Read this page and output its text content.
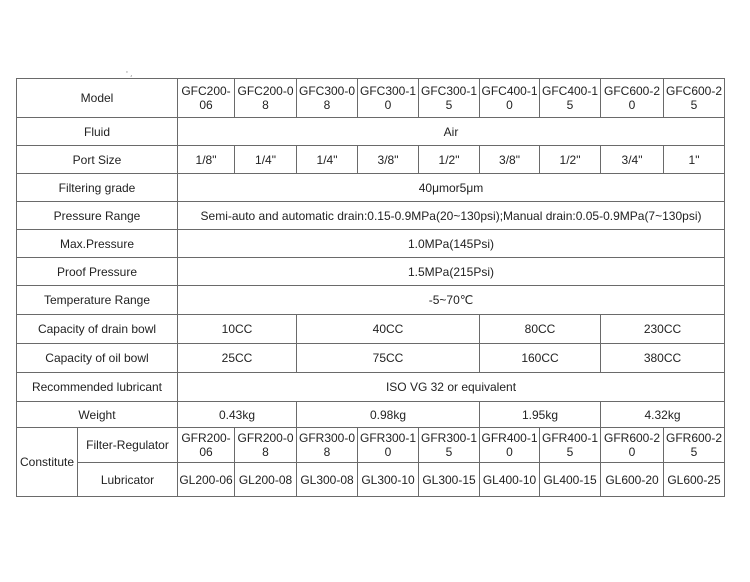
' ,
Model		GFC200-06	GFC200-08	GFC300-08	GFC300-10	GFC300-15	GFC400-10	GFC400-15	GFC600-20	GFC600-25
Fluid		Air								
Port Size		1/8"	1/4"	1/4"	3/8"	1/2"	3/8"	1/2"	3/4"	1"
Filtering grade		40μmor5μm								
Pressure Range		Semi-auto and automatic drain:0.15-0.9MPa(20~130psi);Manual drain:0.05-0.9MPa(7~130psi)								
Max.Pressure		1.0MPa(145Psi)								
Proof Pressure		1.5MPa(215Psi)								
Temperature Range		-5~70℃								
Capacity of drain bowl		10CC		40CC			80CC		230CC	
Capacity of oil bowl		25CC		75CC			160CC		380CC	
Recommended lubricant		ISO VG 32 or equivalent								
Weight		0.43kg		0.98kg			1.95kg		4.32kg	
Constitute	Filter-Regulator	GFR200-06	GFR200-08	GFR300-08	GFR300-10	GFR300-15	GFR400-10	GFR400-15	GFR600-20	GFR600-25
	Lubricator	GL200-06	GL200-08	GL300-08	GL300-10	GL300-15	GL400-10	GL400-15	GL600-20	GL600-25
